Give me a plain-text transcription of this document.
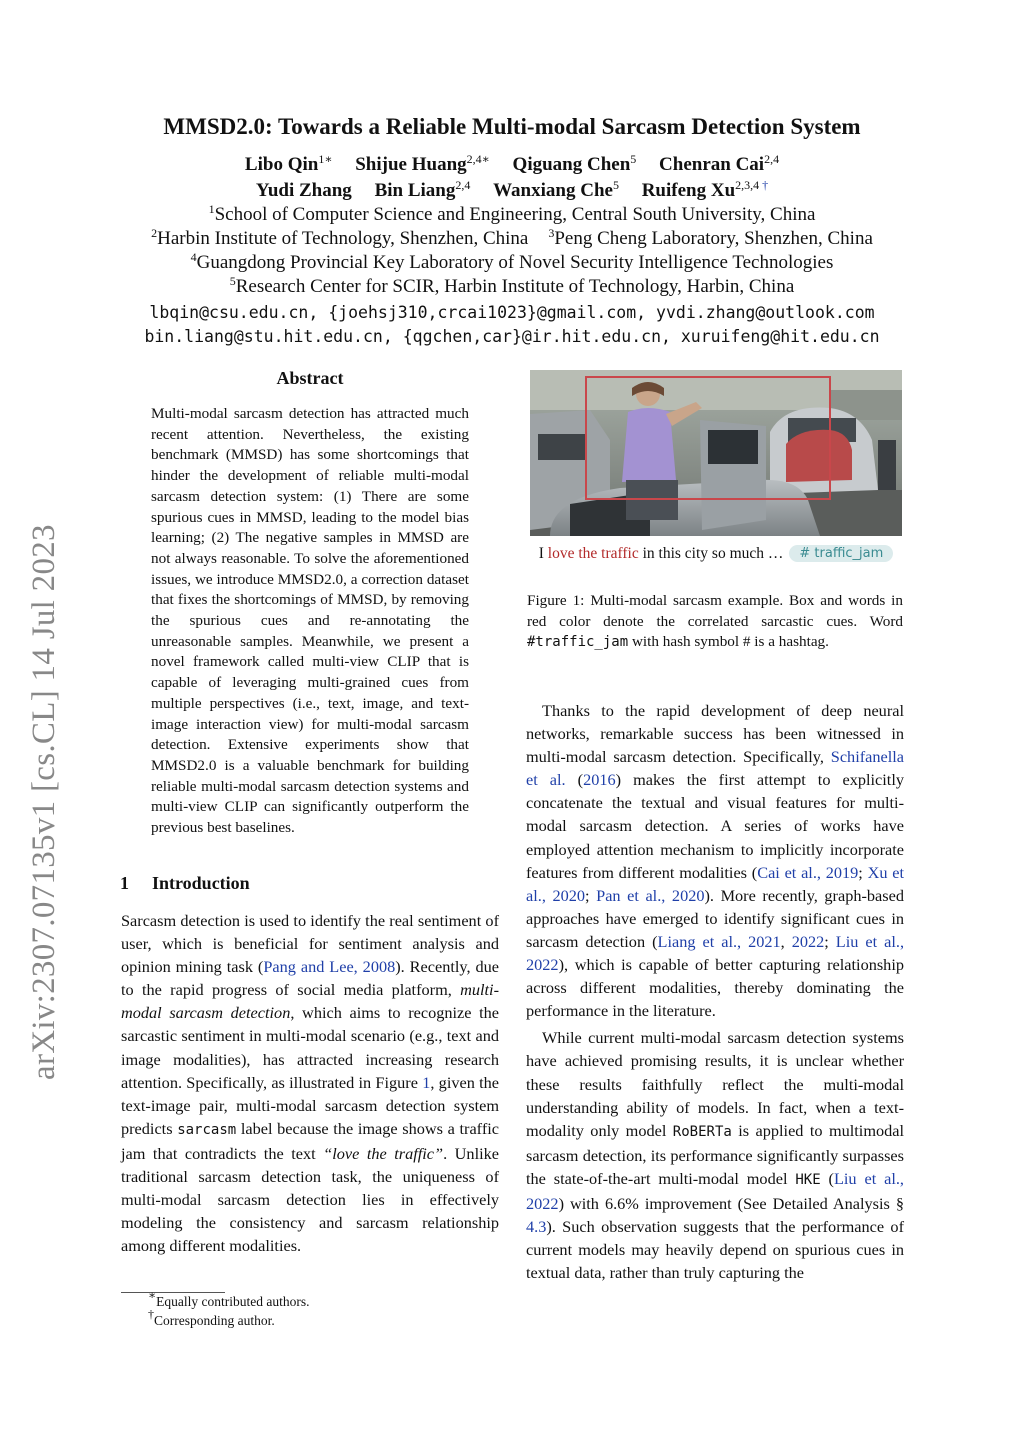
arXiv:2307.07135v1 [cs.CL] 14 Jul 2023
MMSD2.0: Towards a Reliable Multi-modal Sarcasm Detection System
Libo Qin$^{1∗}$ Shijue Huang$^{2,4∗}$ Qiguang Chen$^5$ Chenran Cai$^{2,4}$
Yudi Zhang Bin Liang$^{2,4}$ Wanxiang Che$^5$ Ruifeng $Xu^{2,3,4 \dagger}$
$^1$School of Computer Science and Engineering, Central South University, China
$^2$Harbin Institute of Technology, Shenzhen, China $^3$Peng Cheng Laboratory, Shenzhen, China
$^4$Guangdong Provincial Key Laboratory of Novel Security Intelligence Technologies
$^5$Research Center for SCIR, Harbin Institute of Technology, Harbin, China
lbqin@csu.edu.cn, {joehsj310,crcai1023}@gmail.com, yvdi.zhang@outlook.com
bin.liang@stu.hit.edu.cn, {qgchen,car}@ir.hit.edu.cn, xuruifeng@hit.edu.cn
Abstract
Multi-modal sarcasm detection has attracted much recent attention. Nevertheless, the existing benchmark (MMSD) has some shortcomings that hinder the development of reliable multi-modal sarcasm detection system: (1) There are some spurious cues in MMSD, leading to the model bias learning; (2) The negative samples in MMSD are not always reasonable. To solve the aforementioned issues, we introduce MMSD2.0, a correction dataset that fixes the shortcomings of MMSD, by removing the spurious cues and re-annotating the unreasonable samples. Meanwhile, we present a novel framework called multi-view CLIP that is capable of leveraging multi-grained cues from multiple perspectives (i.e., text, image, and text-image interaction view) for multi-modal sarcasm detection. Extensive experiments show that MMSD2.0 is a valuable benchmark for building reliable multi-modal sarcasm detection systems and multi-view CLIP can significantly outperform the previous best baselines.
1 Introduction

Sarcasm detection is used to identify the real sentiment of user, which is beneficial for sentiment analysis and opinion mining task (Pang and Lee, 2008). Recently, due to the rapid progress of social media platform, multi-modal sarcasm detection, which aims to recognize the sarcastic sentiment in multi-modal scenario (e.g., text and image modalities), has attracted increasing research attention. Specifically, as illustrated in Figure 1, given the text-image pair, multi-modal sarcasm detection system predicts sarcasm label because the image shows a traffic jam that contradicts the text “love the traffic”. Unlike traditional sarcasm detection task, the uniqueness of multi-modal sarcasm detection lies in effectively modeling the consistency and sarcasm relationship among different modalities.

∗Equally contributed authors.
†Corresponding author.
I love the traffic in this city so much … # traffic_jam
Figure 1: Multi-modal sarcasm example. Box and words in red color denote the correlated sarcastic cues. Word #traffic_jam with hash symbol # is a hashtag.

Thanks to the rapid development of deep neural networks, remarkable success has been witnessed in multi-modal sarcasm detection. Specifically, Schifanella et al. (2016) makes the first attempt to explicitly concatenate the textual and visual features for multi-modal sarcasm detection. A series of works have employed attention mechanism to implicitly incorporate features from different modalities (Cai et al., 2019; Xu et al., 2020; Pan et al., 2020). More recently, graph-based approaches have emerged to identify significant cues in sarcasm detection (Liang et al., 2021, 2022; Liu et al., 2022), which is capable of better capturing relationship across different modalities, thereby dominating the performance in the literature.

While current multi-modal sarcasm detection systems have achieved promising results, it is unclear whether these results faithfully reflect the multi-modal understanding ability of models. In fact, when a text-modality only model RoBERTa is applied to multimodal sarcasm detection, its performance significantly surpasses the state-of-the-art multi-modal model HKE (Liu et al., 2022) with 6.6% improvement (See Detailed Analysis § 4.3). Such observation suggests that the performance of current models may heavily depend on spurious cues in textual data, rather than truly capturing the
